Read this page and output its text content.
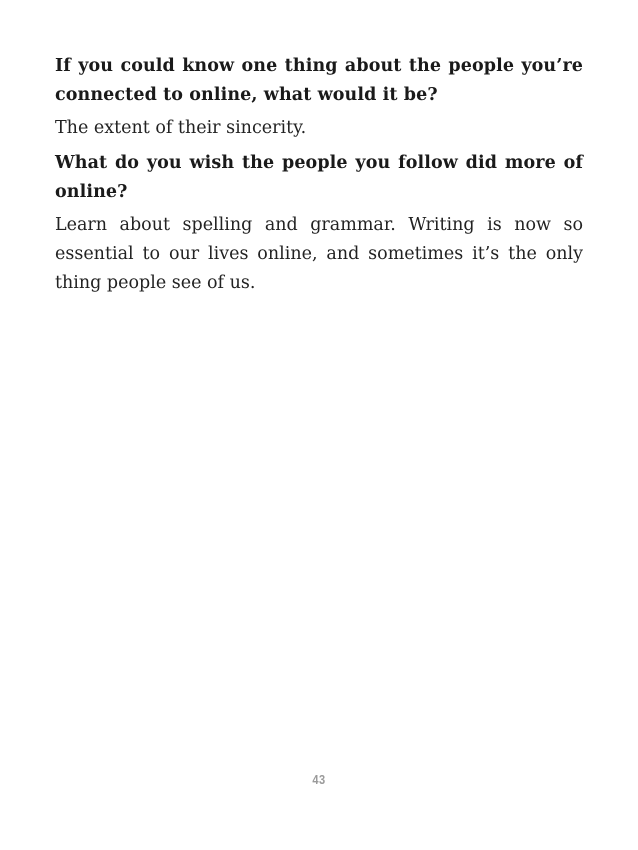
If you could know one thing about the people you’re connected to online, what would it be?

The extent of their sincerity.

What do you wish the people you follow did more of online?

Learn about spelling and grammar. Writing is now so essential to our lives online, and sometimes it’s the only thing people see of us.

43
